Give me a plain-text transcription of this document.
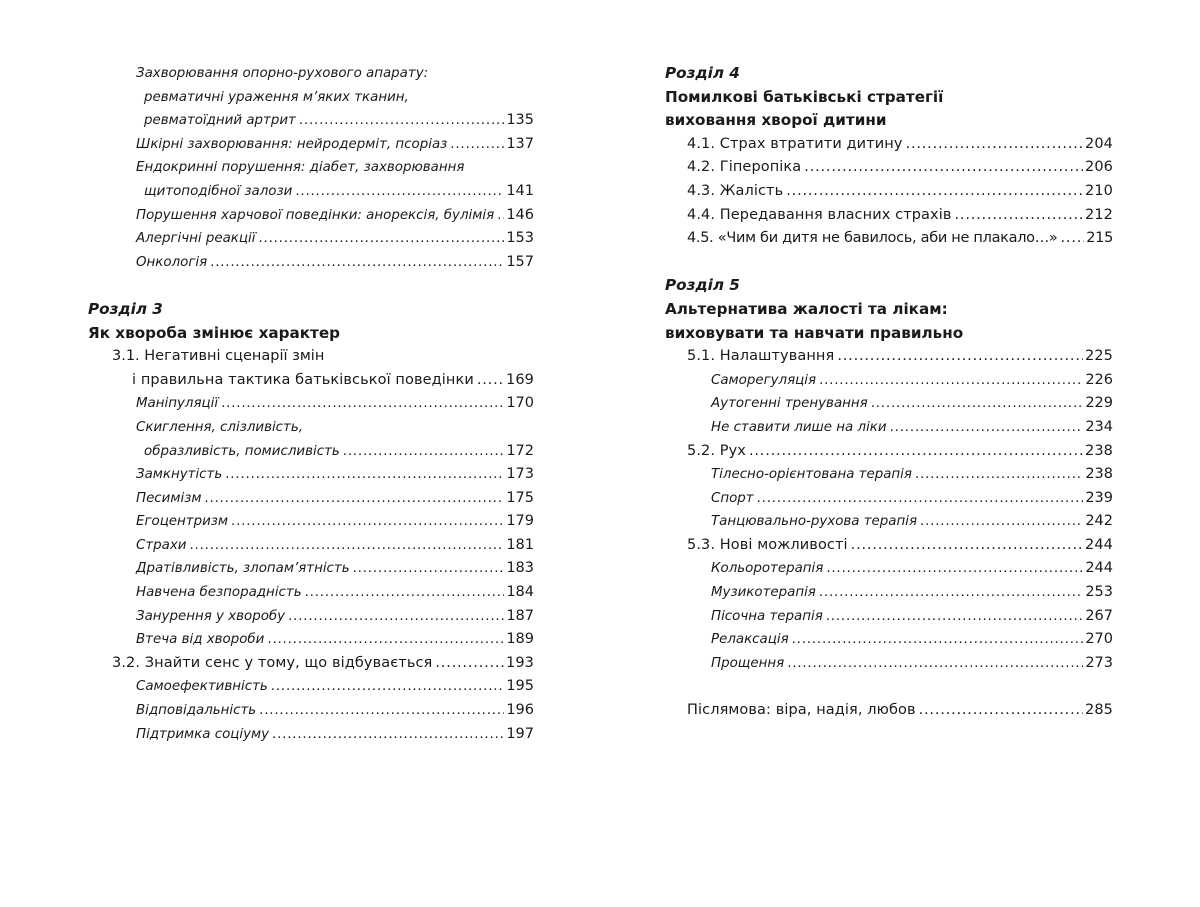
Захворювання опорно-рухового апарату:
ревматичні ураження м’яких тканин,
ревматоїдний артрит .....	135
Шкірні захворювання: нейродерміт, псоріаз .....	137
Ендокринні порушення: діабет, захворювання
щитоподібної залози .....	141
Порушення харчової поведінки: анорексія, булімія ..... 146
Алергічні реакції .....	153
Онкологія .....	157
Розділ 3
Як хвороба змінює характер
3.1. Негативні сценарії змін
і правильна тактика батьківської поведінки ..... 169
Маніпуляції .....	170
Скиглення, слізливість,
образливість, помисливість .....	172
Замкнутість .....	173
Песимізм .....	175
Егоцентризм .....	179
Страхи .....	181
Дратівливість, злопам’ятність .....	183
Навчена безпорадність .....	184
Занурення у хворобу .....	187
Втеча від хвороби .....	189
3.2. Знайти сенс у тому, що відбувається .....	193
Самоефективність .....	195
Відповідальність .....	196
Підтримка соціуму .....	197
Розділ 4
Помилкові батьківські стратегії
виховання хворої дитини
4.1. Страх втратити дитину .....	204
4.2. Гіперопіка .....	206
4.3. Жалість .....	210
4.4. Передавання власних страхів .....	212
4.5. «Чим би дитя не бавилось, аби не плакало…» ..... 215
Розділ 5
Альтернатива жалості та лікам:
виховувати та навчати правильно
5.1. Налаштування .....	225
Саморегуляція .....	226
Аутогенні тренування .....	229
Не ставити лише на ліки .....	234
5.2. Рух .....	238
Тілесно-орієнтована терапія .....	238
Спорт .....	239
Танцювально-рухова терапія .....	242
5.3. Нові можливості .....	244
Кольоротерапія .....	244
Музикотерапія .....	253
Пісочна терапія .....	267
Релаксація .....	270
Прощення .....	273
Післямова: віра, надія, любов .....	285
